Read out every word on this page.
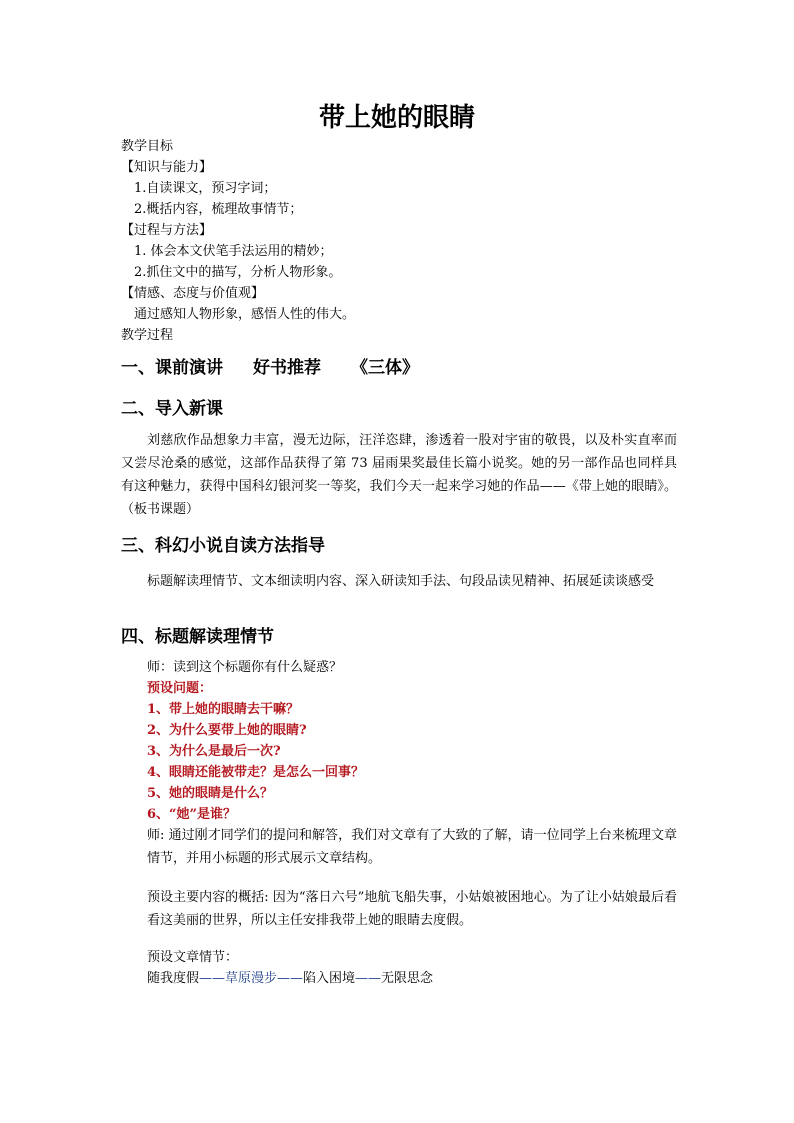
带上她的眼睛
教学目标
【知识与能力】
1.自读课文，预习字词；
2.概括内容，梳理故事情节；
【过程与方法】
1. 体会本文伏笔手法运用的精妙；
2.抓住文中的描写，分析人物形象。
【情感、态度与价值观】
通过感知人物形象，感悟人性的伟大。
教学过程
一、课前演讲 好书推荐 《三体》
二、导入新课
刘慈欣作品想象力丰富，漫无边际，汪洋恣肆，渗透着一股对宇宙的敬畏，以及朴实直率而又尝尽沧桑的感觉，这部作品获得了第 73 届雨果奖最佳长篇小说奖。她的另一部作品也同样具有这种魅力，获得中国科幻银河奖一等奖，我们今天一起来学习她的作品——《带上她的眼睛》。（板书课题）
三、科幻小说自读方法指导
标题解读理情节、文本细读明内容、深入研读知手法、句段品读见精神、拓展延读谈感受
四、标题解读理情节
师：读到这个标题你有什么疑惑？
预设问题：
1、带上她的眼睛去干嘛？
2、为什么要带上她的眼睛?
3、为什么是最后一次?
4、眼睛还能被带走？是怎么一回事？
5、她的眼睛是什么？
6、“她”是谁？
师: 通过刚才同学们的提问和解答，我们对文章有了大致的了解，请一位同学上台来梳理文章情节，并用小标题的形式展示文章结构。
预设主要内容的概括: 因为“落日六号”地航飞船失事，小姑娘被困地心。为了让小姑娘最后看看这美丽的世界，所以主任安排我带上她的眼睛去度假。
预设文章情节：
随我度假——草原漫步——陷入困境——无限思念
